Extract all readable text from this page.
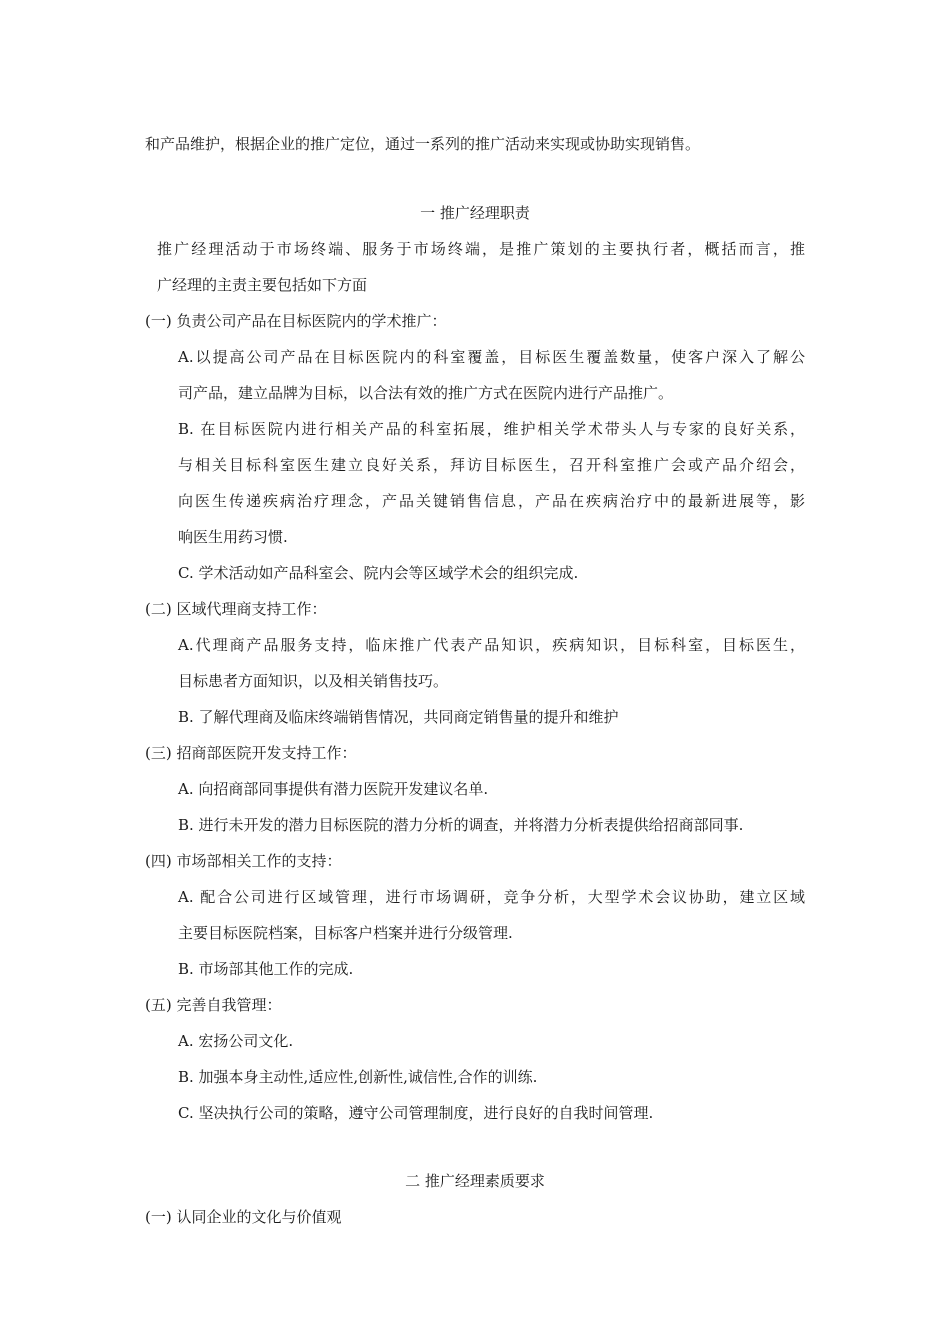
和产品维护，根据企业的推广定位，通过一系列的推广活动来实现或协助实现销售。
一 推广经理职责
推广经理活动于市场终端、服务于市场终端，是推广策划的主要执行者，概括而言，推
广经理的主责主要包括如下方面
(一) 负责公司产品在目标医院内的学术推广：
A.以提高公司产品在目标医院内的科室覆盖，目标医生覆盖数量，使客户深入了解公
司产品，建立品牌为目标，以合法有效的推广方式在医院内进行产品推广。
B. 在目标医院内进行相关产品的科室拓展，维护相关学术带头人与专家的良好关系，
与相关目标科室医生建立良好关系，拜访目标医生，召开科室推广会或产品介绍会，
向医生传递疾病治疗理念，产品关键销售信息，产品在疾病治疗中的最新进展等，影
响医生用药习惯.
C. 学术活动如产品科室会、院内会等区域学术会的组织完成.
(二) 区域代理商支持工作：
A.代理商产品服务支持，临床推广代表产品知识，疾病知识，目标科室，目标医生，
目标患者方面知识，以及相关销售技巧。
B. 了解代理商及临床终端销售情况，共同商定销售量的提升和维护
(三) 招商部医院开发支持工作：
A. 向招商部同事提供有潜力医院开发建议名单.
B. 进行未开发的潜力目标医院的潜力分析的调查，并将潜力分析表提供给招商部同事.
(四) 市场部相关工作的支持：
A. 配合公司进行区域管理，进行市场调研，竞争分析，大型学术会议协助，建立区域
主要目标医院档案，目标客户档案并进行分级管理.
B. 市场部其他工作的完成.
(五) 完善自我管理：
A. 宏扬公司文化.
B. 加强本身主动性,适应性,创新性,诚信性,合作的训练.
C. 坚决执行公司的策略，遵守公司管理制度，进行良好的自我时间管理.
二 推广经理素质要求
(一) 认同企业的文化与价值观
